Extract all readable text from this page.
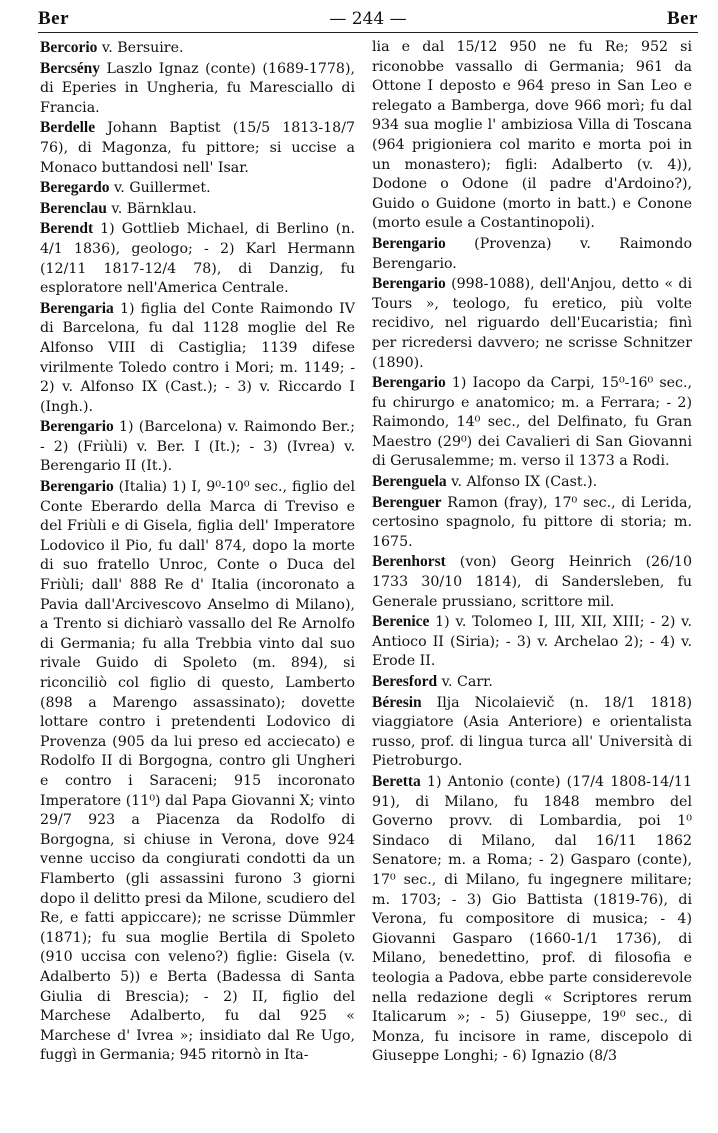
Ber	— 244 —	Ber

Bercorio v. Bersuire.

Bercsény Laszlo Ignaz (conte) (1689-1778), di Eperies in Ungheria, fu Maresciallo di Francia.

Berdelle Johann Baptist (15/5 1813-18/7 76), di Magonza, fu pittore; si uccise a Monaco buttandosi nell' Isar.

Beregardo v. Guillermet.

Berenclau v. Bärnklau.

Berendt 1) Gottlieb Michael, di Berlino (n. 4/1 1836), geologo; - 2) Karl Hermann (12/11 1817-12/4 78), di Danzig, fu esploratore nell'America Centrale.

Berengaria 1) figlia del Conte Raimondo IV di Barcelona, fu dal 1128 moglie del Re Alfonso VIII di Castiglia; 1139 difese virilmente Toledo contro i Mori; m. 1149; - 2) v. Alfonso IX (Cast.); - 3) v. Riccardo I (Ingh.).

Berengario 1) (Barcelona) v. Raimondo Ber.; - 2) (Friùli) v. Ber. I (It.); - 3) (Ivrea) v. Berengario II (It.).

Berengario (Italia) 1) I, 9⁰-10⁰ sec., figlio del Conte Eberardo della Marca di Treviso e del Friùli e di Gisela, figlia dell' Imperatore Lodovico il Pio, fu dall' 874, dopo la morte di suo fratello Unroc, Conte o Duca del Friùli; dall' 888 Re d' Italia (incoronato a Pavia dall'Arcivescovo Anselmo di Milano), a Trento si dichiarò vassallo del Re Arnolfo di Germania; fu alla Trebbia vinto dal suo rivale Guido di Spoleto (m. 894), si riconciliò col figlio di questo, Lamberto (898 a Marengo assassinato); dovette lottare contro i pretendenti Lodovico di Provenza (905 da lui preso ed acciecato) e Rodolfo II di Borgogna, contro gli Ungheri e contro i Saraceni; 915 incoronato Imperatore (11⁰) dal Papa Giovanni X; vinto 29/7 923 a Piacenza da Rodolfo di Borgogna, si chiuse in Verona, dove 924 venne ucciso da congiurati condotti da un Flamberto (gli assassini furono 3 giorni dopo il delitto presi da Milone, scudiero del Re, e fatti appiccare); ne scrisse Dümmler (1871); fu sua moglie Bertila di Spoleto (910 uccisa con veleno?) figlie: Gisela (v. Adalberto 5)) e Berta (Badessa di Santa Giulia di Brescia); - 2) II, figlio del Marchese Adalberto, fu dal 925 « Marchese d' Ivrea »; insidiato dal Re Ugo, fuggì in Germania; 945 ritornò in Ita-

lia e dal 15/12 950 ne fu Re; 952 si riconobbe vassallo di Germania; 961 da Ottone I deposto e 964 preso in San Leo e relegato a Bamberga, dove 966 morì; fu dal 934 sua moglie l' ambiziosa Villa di Toscana (964 prigioniera col marito e morta poi in un monastero); figli: Adalberto (v. 4)), Dodone o Odone (il padre d'Ardoino?), Guido o Guidone (morto in batt.) e Conone (morto esule a Costantinopoli).

Berengario (Provenza) v. Raimondo Berengario.

Berengario (998-1088), dell'Anjou, detto « di Tours », teologo, fu eretico, più volte recidivo, nel riguardo dell'Eucaristia; finì per ricredersi davvero; ne scrisse Schnitzer (1890).

Berengario 1) Iacopo da Carpi, 15⁰-16⁰ sec., fu chirurgo e anatomico; m. a Ferrara; - 2) Raimondo, 14⁰ sec., del Delfinato, fu Gran Maestro (29⁰) dei Cavalieri di San Giovanni di Gerusalemme; m. verso il 1373 a Rodi.

Berenguela v. Alfonso IX (Cast.).

Berenguer Ramon (fray), 17⁰ sec., di Lerida, certosino spagnolo, fu pittore di storia; m. 1675.

Berenhorst (von) Georg Heinrich (26/10 1733 30/10 1814), di Sandersleben, fu Generale prussiano, scrittore mil.

Berenice 1) v. Tolomeo I, III, XII, XIII; - 2) v. Antioco II (Siria); - 3) v. Archelao 2); - 4) v. Erode II.

Beresford v. Carr.

Béresin Ilja Nicolaievič (n. 18/1 1818) viaggiatore (Asia Anteriore) e orientalista russo, prof. di lingua turca all' Università di Pietroburgo.

Beretta 1) Antonio (conte) (17/4 1808-14/11 91), di Milano, fu 1848 membro del Governo provv. di Lombardia, poi 1⁰ Sindaco di Milano, dal 16/11 1862 Senatore; m. a Roma; - 2) Gasparo (conte), 17⁰ sec., di Milano, fu ingegnere militare; m. 1703; - 3) Gio Battista (1819-76), di Verona, fu compositore di musica; - 4) Giovanni Gasparo (1660-1/1 1736), di Milano, benedettino, prof. di filosofia e teologia a Padova, ebbe parte considerevole nella redazione degli « Scriptores rerum Italicarum »; - 5) Giuseppe, 19⁰ sec., di Monza, fu incisore in rame, discepolo di Giuseppe Longhi; - 6) Ignazio (8/3
